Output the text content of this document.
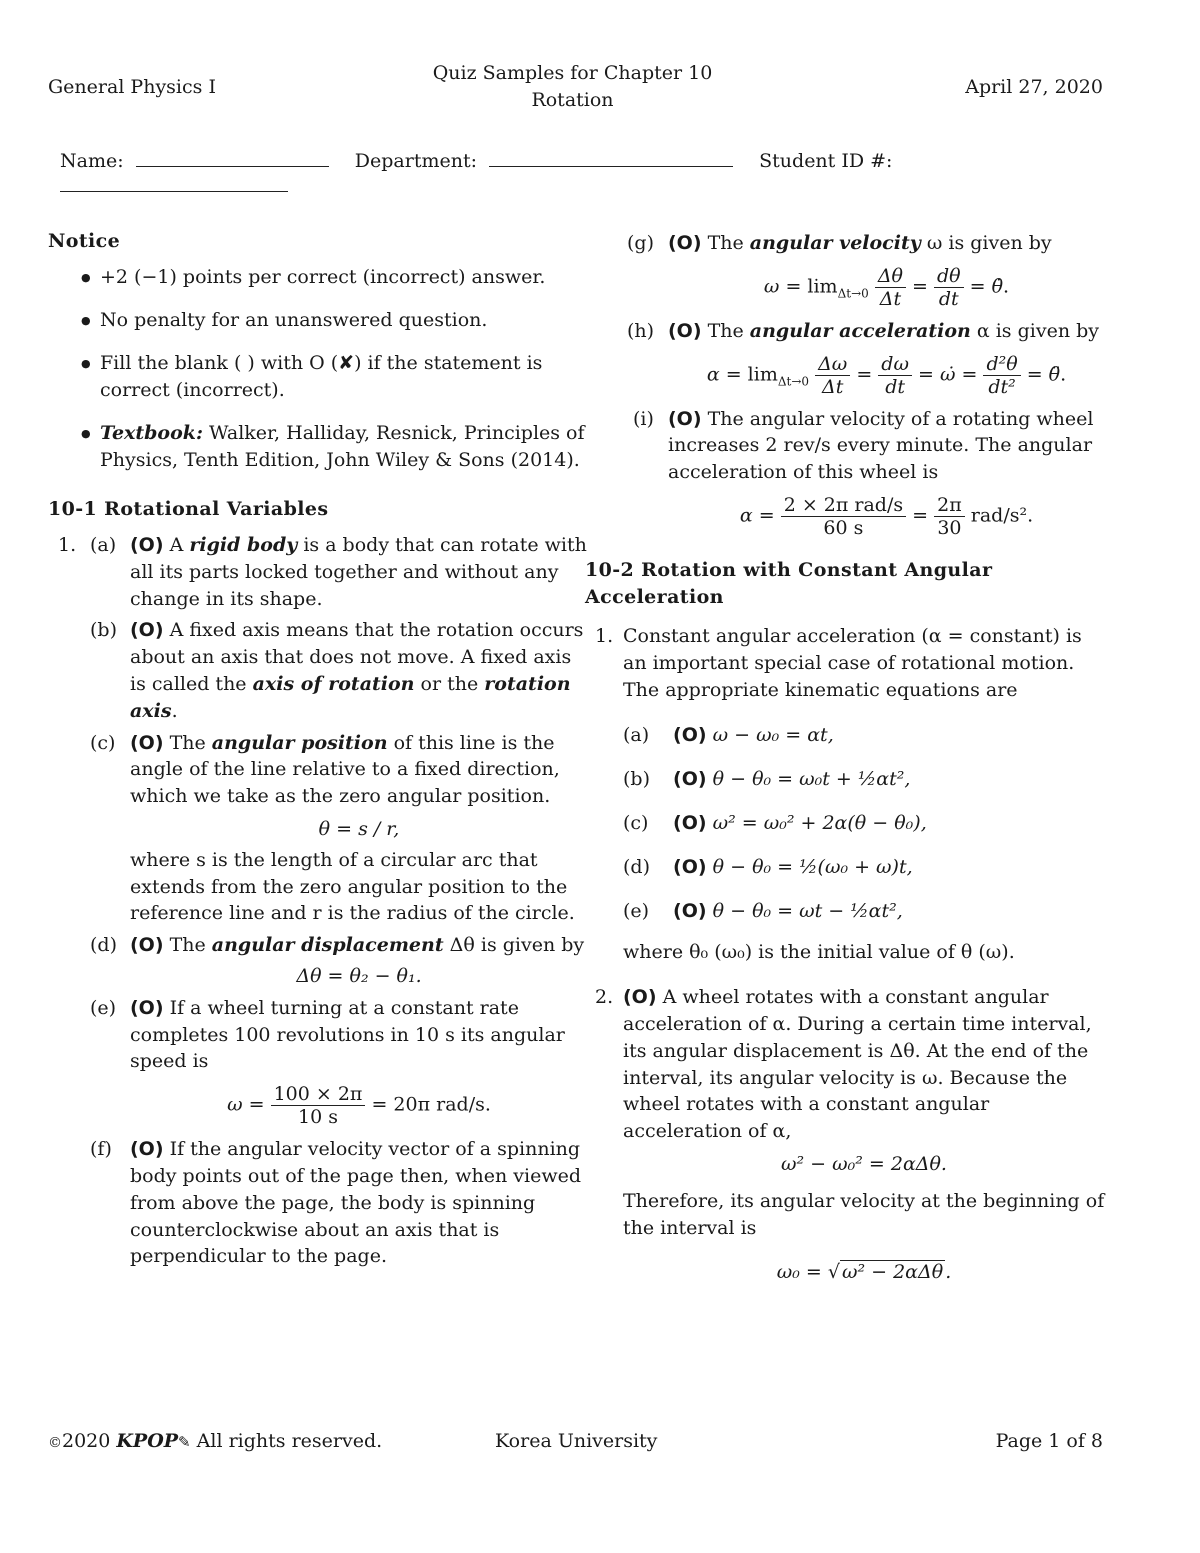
General Physics I
Quiz Samples for Chapter 10
Rotation
April 27, 2020
Name:	Department:	Student ID #:
Notice
● +2 (−1) points per correct (incorrect) answer.
● No penalty for an unanswered question.
● Fill the blank ( ) with O (✘) if the statement is correct (incorrect).
● Textbook: Walker, Halliday, Resnick, Principles of Physics, Tenth Edition, John Wiley & Sons (2014).
10-1 Rotational Variables
1. (a) (O) A rigid body is a body that can rotate with all its parts locked together and without any change in its shape.
(b) (O) A fixed axis means that the rotation occurs about an axis that does not move. A fixed axis is called the axis of rotation or the rotation axis.
(c) (O) The angular position of this line is the angle of the line relative to a fixed direction, which we take as the zero angular position.
θ = s / r,
where s is the length of a circular arc that extends from the zero angular position to the reference line and r is the radius of the circle.
(d) (O) The angular displacement Δθ is given by
Δθ = θ₂ − θ₁.
(e) (O) If a wheel turning at a constant rate completes 100 revolutions in 10 s its angular speed is
$\omega = \frac{100 \times 2\pi}{10 s} = 20\pi$ rad/s.
(f) (O) If the angular velocity vector of a spinning body points out of the page then, when viewed from above the page, the body is spinning counterclockwise about an axis that is perpendicular to the page.
(g) (O) The angular velocity ω is given by
$\omega = \lim_{\Delta t\to 0} \frac{\Delta\theta}{\Delta t} = \frac{d\theta}{dt}$ = θ̇.
(h) (O) The angular acceleration α is given by
$\alpha = \lim_{\Delta t\to 0} \frac{\Delta\omega}{\Delta t} = \frac{d\omega}{dt}$ = ω̇ = $\frac{\text{d²θ}}{\text{dt²}}$ = θ̈.
(i) (O) The angular velocity of a rotating wheel increases 2 rev/s every minute. The angular acceleration of this wheel is
$\alpha = \frac{\text{2 × 2π rad/s}}{60 s} = \frac{2\pi}{30} rad/s^2$.
10-2 Rotation with Constant Angular Acceleration
1. Constant angular acceleration (α = constant) is an important special case of rotational motion. The appropriate kinematic equations are
(a) (O) ω − ω₀ = αt,
(b) (O) θ − θ₀ = ω₀t + ½αt²,
(c) (O) ω² = ω₀² + 2α(θ − θ₀),
(d) (O) θ − θ₀ = ½(ω₀ + ω)t,
(e) (O) θ − θ₀ = ωt − ½αt²,
where θ₀ (ω₀) is the initial value of θ (ω).
2. (O) A wheel rotates with a constant angular acceleration of α. During a certain time interval, its angular displacement is Δθ. At the end of the interval, its angular velocity is ω. Because the wheel rotates with a constant angular acceleration of α,
ω² − ω₀² = 2αΔθ.
Therefore, its angular velocity at the beginning of the interval is
ω₀ = √ ω² − 2αΔθ .
©2020 KPOP✎ All rights reserved.	Korea University	Page 1 of 8
